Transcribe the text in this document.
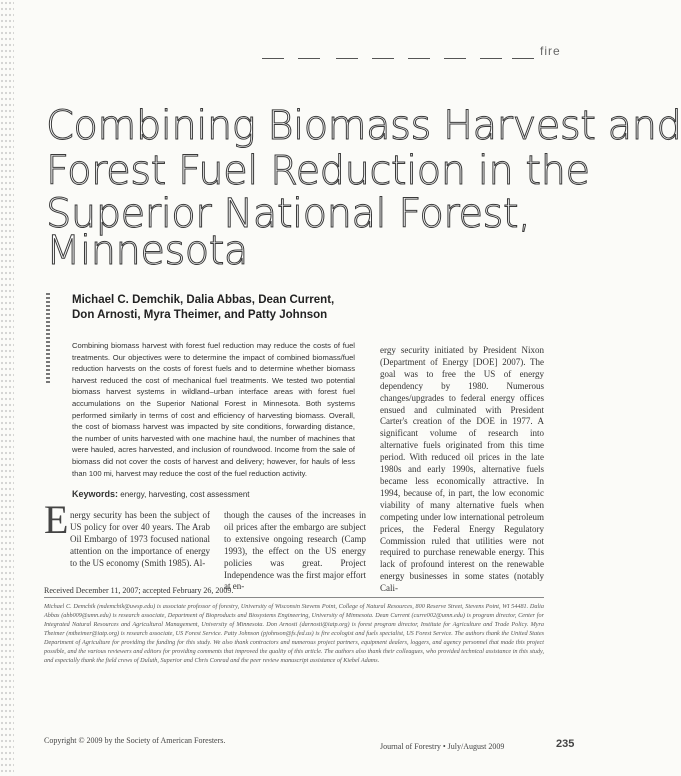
fire
Combining Biomass Harvest and
Forest Fuel Reduction in the
Superior National Forest,
Minnesota
Michael C. Demchik, Dalia Abbas, Dean Current,
Don Arnosti, Myra Theimer, and Patty Johnson
Combining biomass harvest with forest fuel reduction may reduce the costs of fuel treatments. Our objectives were to determine the impact of combined biomass/fuel reduction harvests on the costs of forest fuels and to determine whether biomass harvest reduced the cost of mechanical fuel treatments. We tested two potential biomass harvest systems in wildland–urban interface areas with forest fuel accumulations on the Superior National Forest in Minnesota. Both systems performed similarly in terms of cost and efficiency of harvesting biomass. Overall, the cost of biomass harvest was impacted by site conditions, forwarding distance, the number of units harvested with one machine haul, the number of machines that were hauled, acres harvested, and inclusion of roundwood. Income from the sale of biomass did not cover the costs of harvest and delivery; however, for hauls of less than 100 mi, harvest may reduce the cost of the fuel reduction activity.
Keywords: energy, harvesting, cost assessment
E nergy security has been the subject of US policy for over 40 years. The Arab Oil Embargo of 1973 focused national attention on the importance of energy to the US economy (Smith 1985). Al-
though the causes of the increases in oil prices after the embargo are subject to extensive ongoing research (Camp 1993), the effect on the US energy policies was great. Project Independence was the first major effort at en-
ergy security initiated by President Nixon (Department of Energy [DOE] 2007). The goal was to free the US of energy dependency by 1980. Numerous changes/upgrades to federal energy offices ensued and culminated with President Carter's creation of the DOE in 1977. A significant volume of research into alternative fuels originated from this time period. With reduced oil prices in the late 1980s and early 1990s, alternative fuels became less economically attractive. In 1994, because of, in part, the low economic viability of many alternative fuels when competing under low international petroleum prices, the Federal Energy Regulatory Commission ruled that utilities were not required to purchase renewable energy. This lack of profound interest on the renewable energy businesses in some states (notably Cali-
Received December 11, 2007; accepted February 26, 2009.
Michael C. Demchik (mdemchik@uwsp.edu) is associate professor of forestry, University of Wisconsin Stevens Point, College of Natural Resources, 800 Reserve Street, Stevens Point, WI 54481. Dalia Abbas (abb009@umn.edu) is research associate, Department of Bioproducts and Biosystems Engineering, University of Minnesota. Dean Current (curre002@umn.edu) is program director, Center for Integrated Natural Resources and Agricultural Management, University of Minnesota. Don Arnosti (darnosti@iatp.org) is forest program director, Institute for Agriculture and Trade Policy. Myra Theimer (mtheimer@iatp.org) is research associate, US Forest Service. Patty Johnson (pjohnson@fs.fed.us) is fire ecologist and fuels specialist, US Forest Service. The authors thank the United States Department of Agriculture for providing the funding for this study. We also thank contractors and numerous project partners, equipment dealers, loggers, and agency personnel that made this project possible, and the various reviewers and editors for providing comments that improved the quality of this article. The authors also thank their colleagues, who provided technical assistance in this study, and especially thank the field crews of Duluth, Superior and Chris Conrad and the peer review manuscript assistance of Kiebel Adams.
Copyright © 2009 by the Society of American Foresters.
Journal of Forestry • July/August 2009	235
